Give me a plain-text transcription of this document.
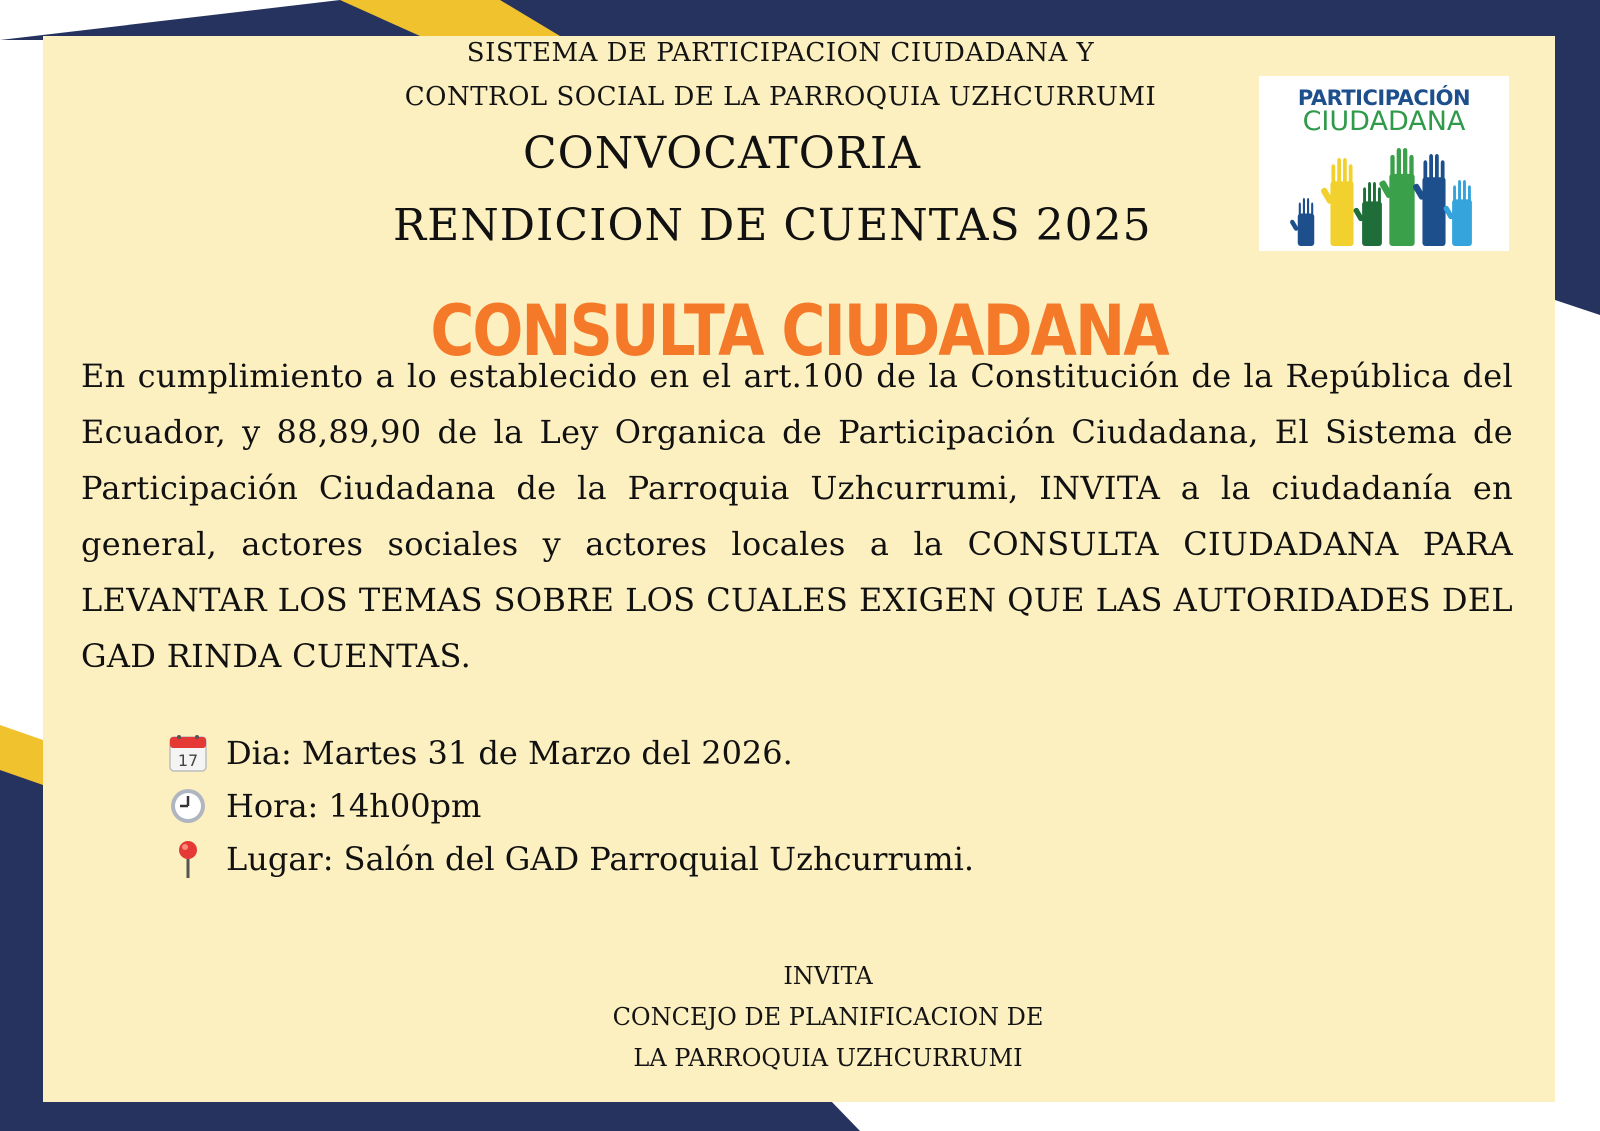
SISTEMA DE PARTICIPACION CIUDADANA Y
CONTROL SOCIAL DE LA PARROQUIA UZHCURRUMI
CONVOCATORIA
RENDICION DE CUENTAS 2025
CONSULTA CIUDADANA
PARTICIPACIÓN
CIUDADANA
En cumplimiento a lo establecido en el art.100 de la Constitución de la República del Ecuador, y 88,89,90 de la Ley Organica de Participación Ciudadana, El Sistema de Participación Ciudadana de la Parroquia Uzhcurrumi, INVITA a la ciudadanía en general, actores sociales y actores locales a la CONSULTA CIUDADANA PARA LEVANTAR LOS TEMAS SOBRE LOS CUALES EXIGEN QUE LAS AUTORIDADES DEL GAD RINDA CUENTAS.
17 Dia: Martes 31 de Marzo del 2026.
Hora: 14h00pm
Lugar: Salón del GAD Parroquial Uzhcurrumi.
INVITA
CONCEJO DE PLANIFICACION DE
LA PARROQUIA UZHCURRUMI
